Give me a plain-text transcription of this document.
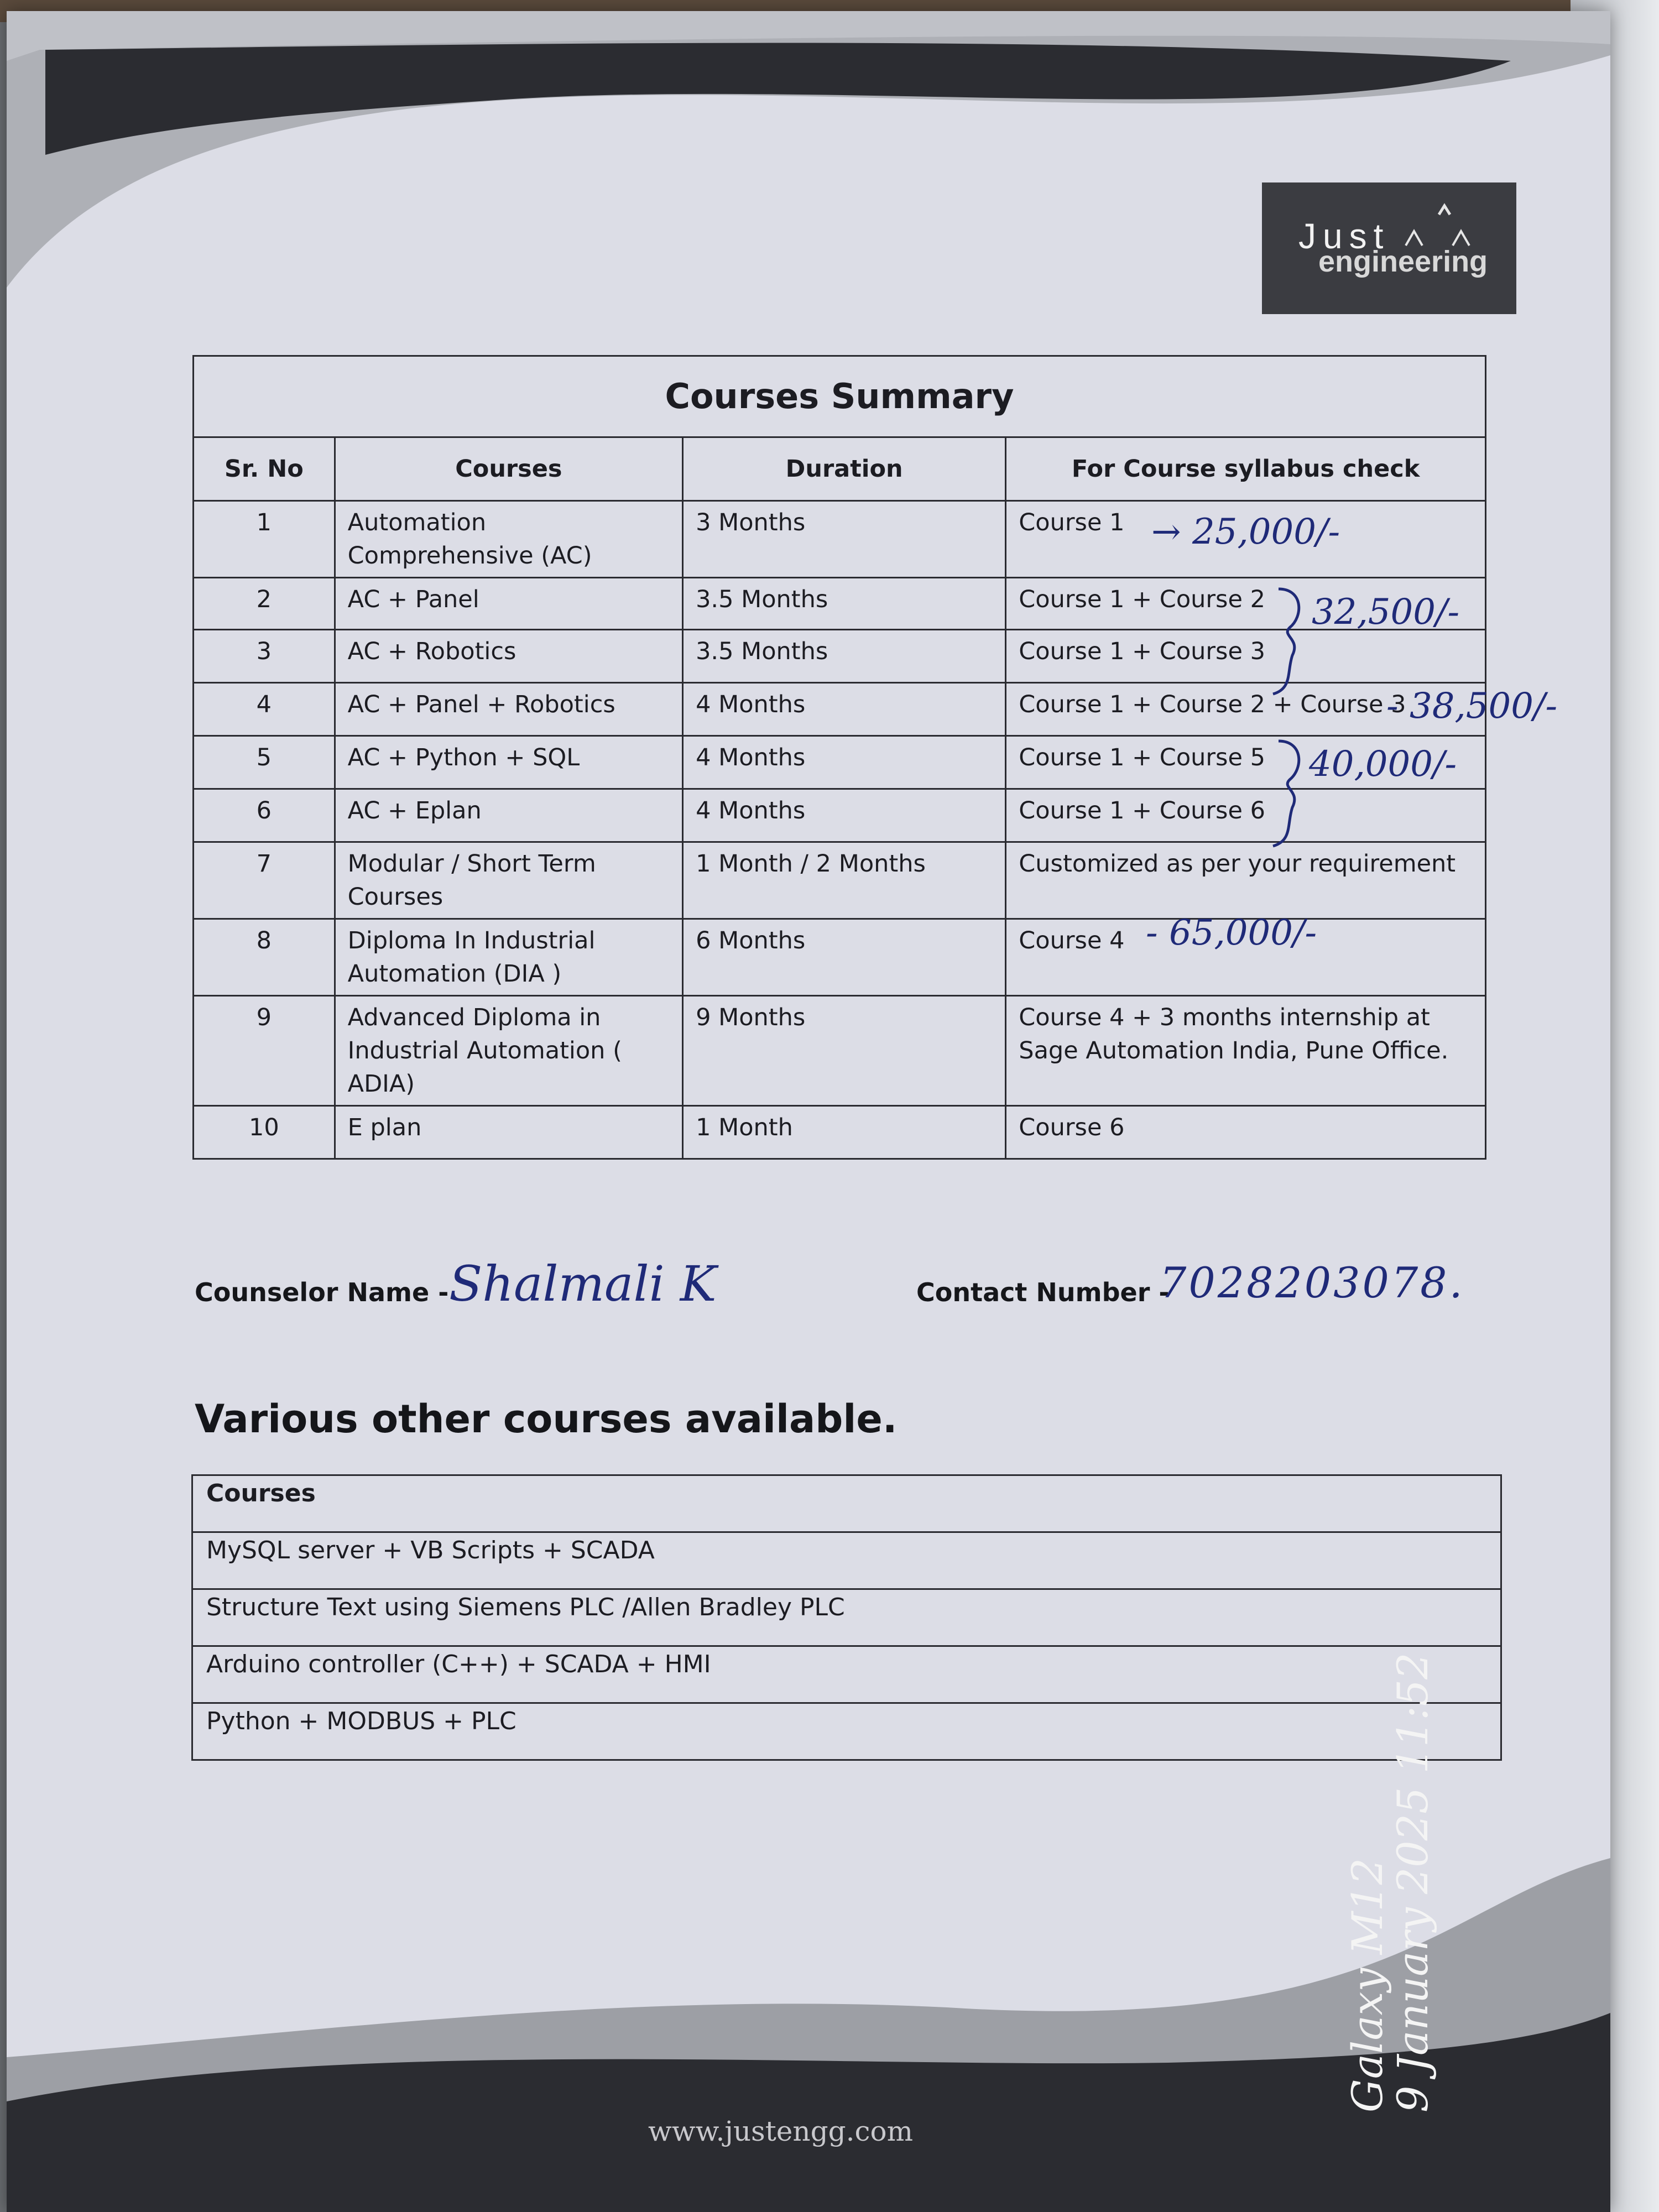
Just
engineering
Courses Summary			
Sr. No	Courses	Duration	For Course syllabus check
1	Automation Comprehensive (AC)	3 Months	Course 1
2	AC + Panel	3.5 Months	Course 1 + Course 2
3	AC + Robotics	3.5 Months	Course 1 + Course 3
4	AC + Panel + Robotics	4 Months	Course 1 + Course 2 + Course 3
5	AC + Python + SQL	4 Months	Course 1 + Course 5
6	AC + Eplan	4 Months	Course 1 + Course 6
7	Modular / Short Term Courses	1 Month / 2 Months	Customized as per your requirement
8	Diploma In Industrial Automation (DIA )	6 Months	Course 4
9	Advanced Diploma in Industrial Automation ( ADIA)	9 Months	Course 4 + 3 months internship at Sage Automation India, Pune Office.
10	E plan	1 Month	Course 6
→ 25,000/-
32,500/-
- 38,500/-
40,000/-
- 65,000/-
Counselor Name - Shalmali K	Contact Number -
7028203078.
Various other courses available.
Courses
MySQL server + VB Scripts + SCADA
Structure Text using Siemens PLC /Allen Bradley PLC
Arduino controller (C++) + SCADA + HMI
Python + MODBUS + PLC
www.justengg.com
Galaxy M12
9 January 2025 11:52
